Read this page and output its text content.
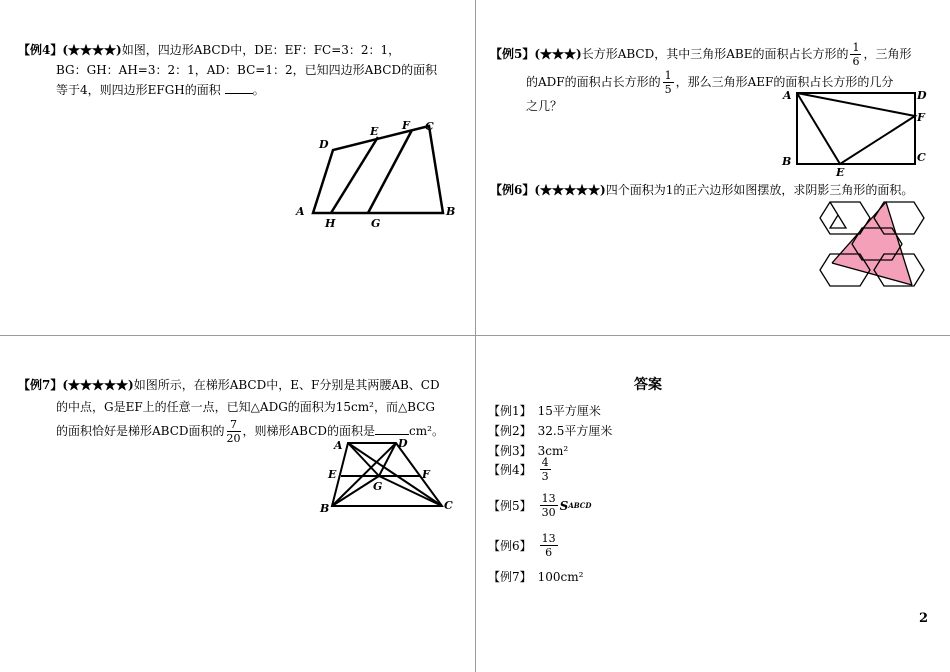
【例4】(★★★★)如图，四边形ABCD中，DE：EF：FC=3：2：1，
BG：GH：AH=3：2：1，AD：BC=1：2，已知四边形ABCD的面积
等于4，则四边形EFGH的面积	。
A	B
C
D
E F
G
H
【例5】(★★★)长方形ABCD，其中三角形ABE的面积占长方形的 $\frac{1}{6}$ ，三角形
的ADF的面积占长方形的 $\frac{1}{5}$ ，那么三角形AEF的面积占长方形的几分
之几？
A	D
F
B	C
E
【例6】(★★★★★)四个面积为1的正六边形如图摆放，求阴影三角形的面积。
【例7】(★★★★★)如图所示，在梯形ABCD中，E、F分别是其两腰AB、CD
的中点，G是EF上的任意一点，已知△ADG的面积为15cm²，而△BCG
的面积恰好是梯形ABCD面积的 $\frac{7}{20}$ ，则梯形ABCD的面积是	cm²。
A	D
E	F
G
B	C
答案
【例1】 15平方厘米
【例2】 32.5平方厘米
【例3】 3cm²
【例4】 $\frac{4}{3}$
【例5】 $\frac{13}{30}$ S ABCD
【例6】 $\frac{13}{6}$
【例7】 100cm²
2
